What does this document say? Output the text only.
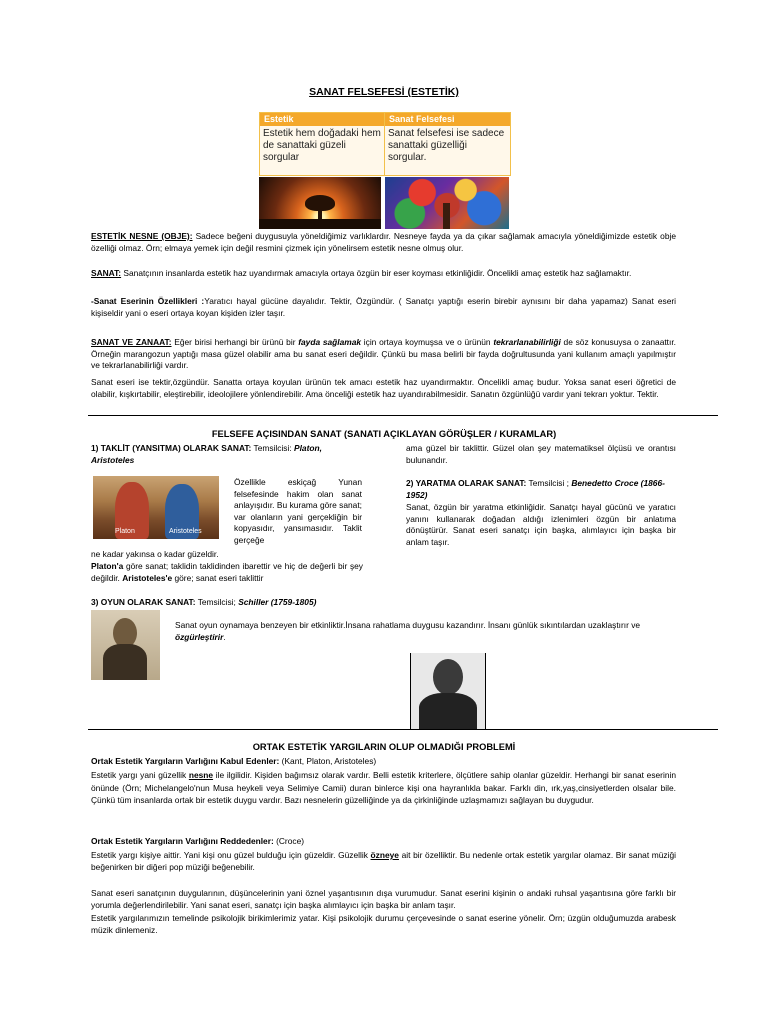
SANAT FELSEFESİ (ESTETİK)
Estetik	Sanat Felsefesi
Estetik hem doğadaki hem de sanattaki güzeli sorgular
Sanat felsefesi ise sadece sanattaki güzelliği sorgular.

ESTETİK NESNE (OBJE): Sadece beğeni duygusuyla yöneldiğimiz varlıklardır. Nesneye fayda ya da çıkar sağlamak amacıyla yöneldiğimizde estetik obje özelliği olmaz. Örn; elmaya yemek için değil resmini çizmek için yönelirsem estetik nesne olmuş olur.

SANAT: Sanatçının insanlarda estetik haz uyandırmak amacıyla ortaya özgün bir eser koyması etkinliğidir. Öncelikli amaç estetik haz sağlamaktır.

-Sanat Eserinin Özellikleri :Yaratıcı hayal gücüne dayalıdır. Tektir, Özgündür. ( Sanatçı yaptığı eserin birebir aynısını bir daha yapamaz) Sanat eseri kişiseldir yani o eseri ortaya koyan kişiden izler taşır.

SANAT VE ZANAAT: Eğer birisi herhangi bir ürünü bir fayda sağlamak için ortaya koymuşsa ve o ürünün tekrarlanabilirliği de söz konusuysa o zanaattır. Örneğin marangozun yaptığı masa güzel olabilir ama bu sanat eseri değildir. Çünkü bu masa belirli bir fayda doğrultusunda yani kullanım amaçlı yapılmıştır ve tekrarlanabilirliği vardır.

Sanat eseri ise tektir,özgündür. Sanatta ortaya koyulan ürünün tek amacı estetik haz uyandırmaktır. Öncelikli amaç budur. Yoksa sanat eseri öğretici de olabilir, kışkırtabilir, eleştirebilir, ideolojilere yönlendirebilir. Ama önceliği estetik haz uyandırabilmesidir. Sanatın özgünlüğü vardır yani tekrarı yoktur. Tektir.

FELSEFE AÇISINDAN SANAT (SANATI AÇIKLAYAN GÖRÜŞLER / KURAMLAR)

1) TAKLİT (YANSITMA) OLARAK SANAT: Temsilcisi: Platon, Aristoteles

Platon	Aristoteles

Özellikle eskiçağ Yunan felsefesinde hakim olan sanat anlayışıdır. Bu kurama göre sanat; var olanların yani gerçekliğin bir kopyasıdır, yansımasıdır. Taklit gerçeğe

ne kadar yakınsa o kadar güzeldir.

Platon'a göre sanat; taklidin taklidinden ibarettir ve hiç de değerli bir şey değildir. Aristoteles'e göre; sanat eseri taklittir

ama güzel bir taklittir. Güzel olan şey matematiksel ölçüsü ve orantısı bulunandır.

2) YARATMA OLARAK SANAT: Temsilcisi ; Benedetto Croce (1866-1952)

Sanat, özgün bir yaratma etkinliğidir. Sanatçı hayal gücünü ve yaratıcı yanını kullanarak doğadan aldığı izlenimleri özgün bir anlatıma dönüştürür. Sanat eseri sanatçı için başka, alımlayıcı için başka bir anlam taşır.

3) OYUN OLARAK SANAT: Temsilcisi; Schiller (1759-1805)

Sanat oyun oynamaya benzeyen bir etkinliktir.İnsana rahatlama duygusu kazandırır. İnsanı günlük sıkıntılardan uzaklaştırır ve özgürleştirir.

ORTAK ESTETİK YARGILARIN OLUP OLMADIĞI PROBLEMİ

Ortak Estetik Yargıların Varlığını Kabul Edenler: (Kant, Platon, Aristoteles)

Estetik yargı yani güzellik nesne ile ilgilidir. Kişiden bağımsız olarak vardır. Belli estetik kriterlere, ölçütlere sahip olanlar güzeldir. Herhangi bir sanat eserinin önünde (Örn; Michelangelo'nun Musa heykeli veya Selimiye Camii) duran binlerce kişi ona hayranlıkla bakar. Farklı din, ırk,yaş,cinsiyetlerden olsalar bile. Çünkü tüm insanlarda ortak bir estetik duygu vardır. Bazı nesnelerin güzelliğinde ya da çirkinliğinde uzlaşmamızı sağlayan bu duygudur.

Ortak Estetik Yargıların Varlığını Reddedenler: (Croce)

Estetik yargı kişiye aittir. Yani kişi onu güzel bulduğu için güzeldir. Güzellik özneye ait bir özelliktir. Bu nedenle ortak estetik yargılar olamaz. Bir sanat müziği beğenirken bir diğeri pop müziği beğenebilir.

Sanat eseri sanatçının duygularının, düşüncelerinin yani öznel yaşantısının dışa vurumudur. Sanat eserini kişinin o andaki ruhsal yaşantısına göre farklı bir yorumla değerlendirilebilir. Yani sanat eseri, sanatçı için başka alımlayıcı için başka bir anlam taşır.

Estetik yargılarımızın temelinde psikolojik birikimlerimiz yatar. Kişi psikolojik durumu çerçevesinde o sanat eserine yönelir. Örn; üzgün olduğumuzda arabesk müzik dinlemeniz.
